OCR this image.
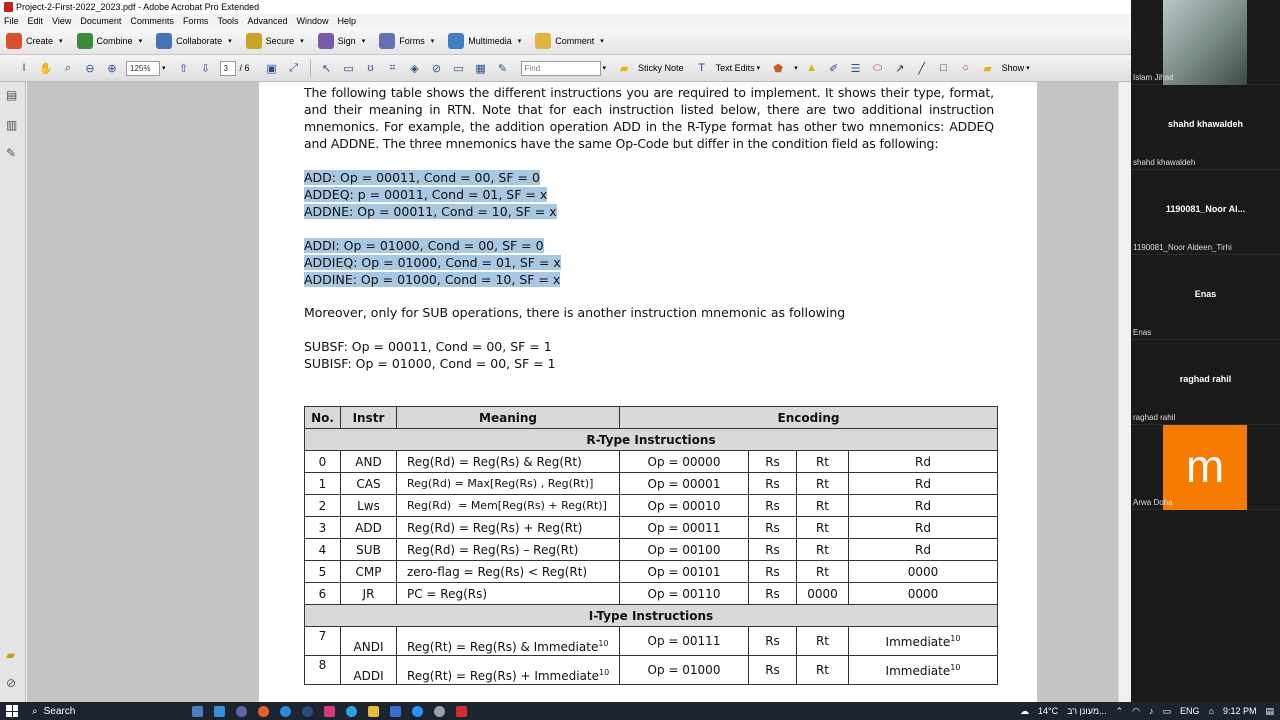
Project-2-First-2022_2023.pdf - Adobe Acrobat Pro Extended
File Edit View Document Comments Forms Tools Advanced Window Help
Create ▾	Combine ▾	Collaborate ▾	Secure ▾	Sign ▾	Forms ▾	Multimedia ▾	Comment ▾
I	✋	⌕	⊖	⊕	125% ▾	⇧	⇩	3 / 6 ▣	⤢	↖	▭	ʊ	⌗	◈	⊘	▭ ▦	✎	Find	▾	▰	Sticky Note	T	Text Edits ▾ ⬟	▾ ▲	✐	☰ ⬭	↗	╱	□	○	▰	Show ▾
▤
▥
✎
▰
⊘
The following table shows the different instructions you are required to implement. It shows their type, format, and their meaning in RTN. Note that for each instruction listed below, there are two additional instruction mnemonics. For example, the addition operation ADD in the R-Type format has other two mnemonics: ADDEQ and ADDNE. The three mnemonics have the same Op-Code but differ in the condition field as following:
ADD: Op = 00011, Cond = 00, SF = 0
ADDEQ: p = 00011, Cond = 01, SF = x
ADDNE: Op = 00011, Cond = 10, SF = x
ADDI: Op = 01000, Cond = 00, SF = 0
ADDIEQ: Op = 01000, Cond = 01, SF = x
ADDINE: Op = 01000, Cond = 10, SF = x
Moreover, only for SUB operations, there is another instruction mnemonic as following
SUBSF: Op = 00011, Cond = 00, SF = 1
SUBISF: Op = 01000, Cond = 00, SF = 1
No.	Instr	Meaning	Encoding			
R-Type Instructions						
0	AND	Reg(Rd) = Reg(Rs) & Reg(Rt)	Op = 00000	Rs	Rt	Rd
1	CAS	Reg(Rd) = Max[Reg(Rs) , Reg(Rt)]	Op = 00001	Rs	Rt	Rd
2	Lws	Reg(Rd)  = Mem[Reg(Rs) + Reg(Rt)]	Op = 00010	Rs	Rt	Rd
3	ADD	Reg(Rd) = Reg(Rs) + Reg(Rt)	Op = 00011	Rs	Rt	Rd
4	SUB	Reg(Rd) = Reg(Rs) – Reg(Rt)	Op = 00100	Rs	Rt	Rd
5	CMP	zero-flag = Reg(Rs) < Reg(Rt)	Op = 00101	Rs	Rt	0000
6	JR	PC = Reg(Rs)	Op = 00110	Rs	0000	0000
I-Type Instructions						
7	ANDI	Reg(Rt) = Reg(Rs) & Immediate$^{10}$	Op = 00111	Rs	Rt	Immediate$^{10}$
8	ADDI	Reg(Rt) = Reg(Rs) + Immediate$^{10}$	Op = 01000	Rs	Rt	Immediate$^{10}$
Islam Jihad
shahd khawaldeh
shahd khawaldeh
1190081_Noor Al...
1190081_Noor Aldeen_Tirhi
Enas
Enas
raghad rahil
raghad rahil
m
Arwa Doha
⌕ Search	☁ 14°C מעונן רב... ⌃ ◠ ♪ ▭ ENG ⌂ 9:12 PM ▤
